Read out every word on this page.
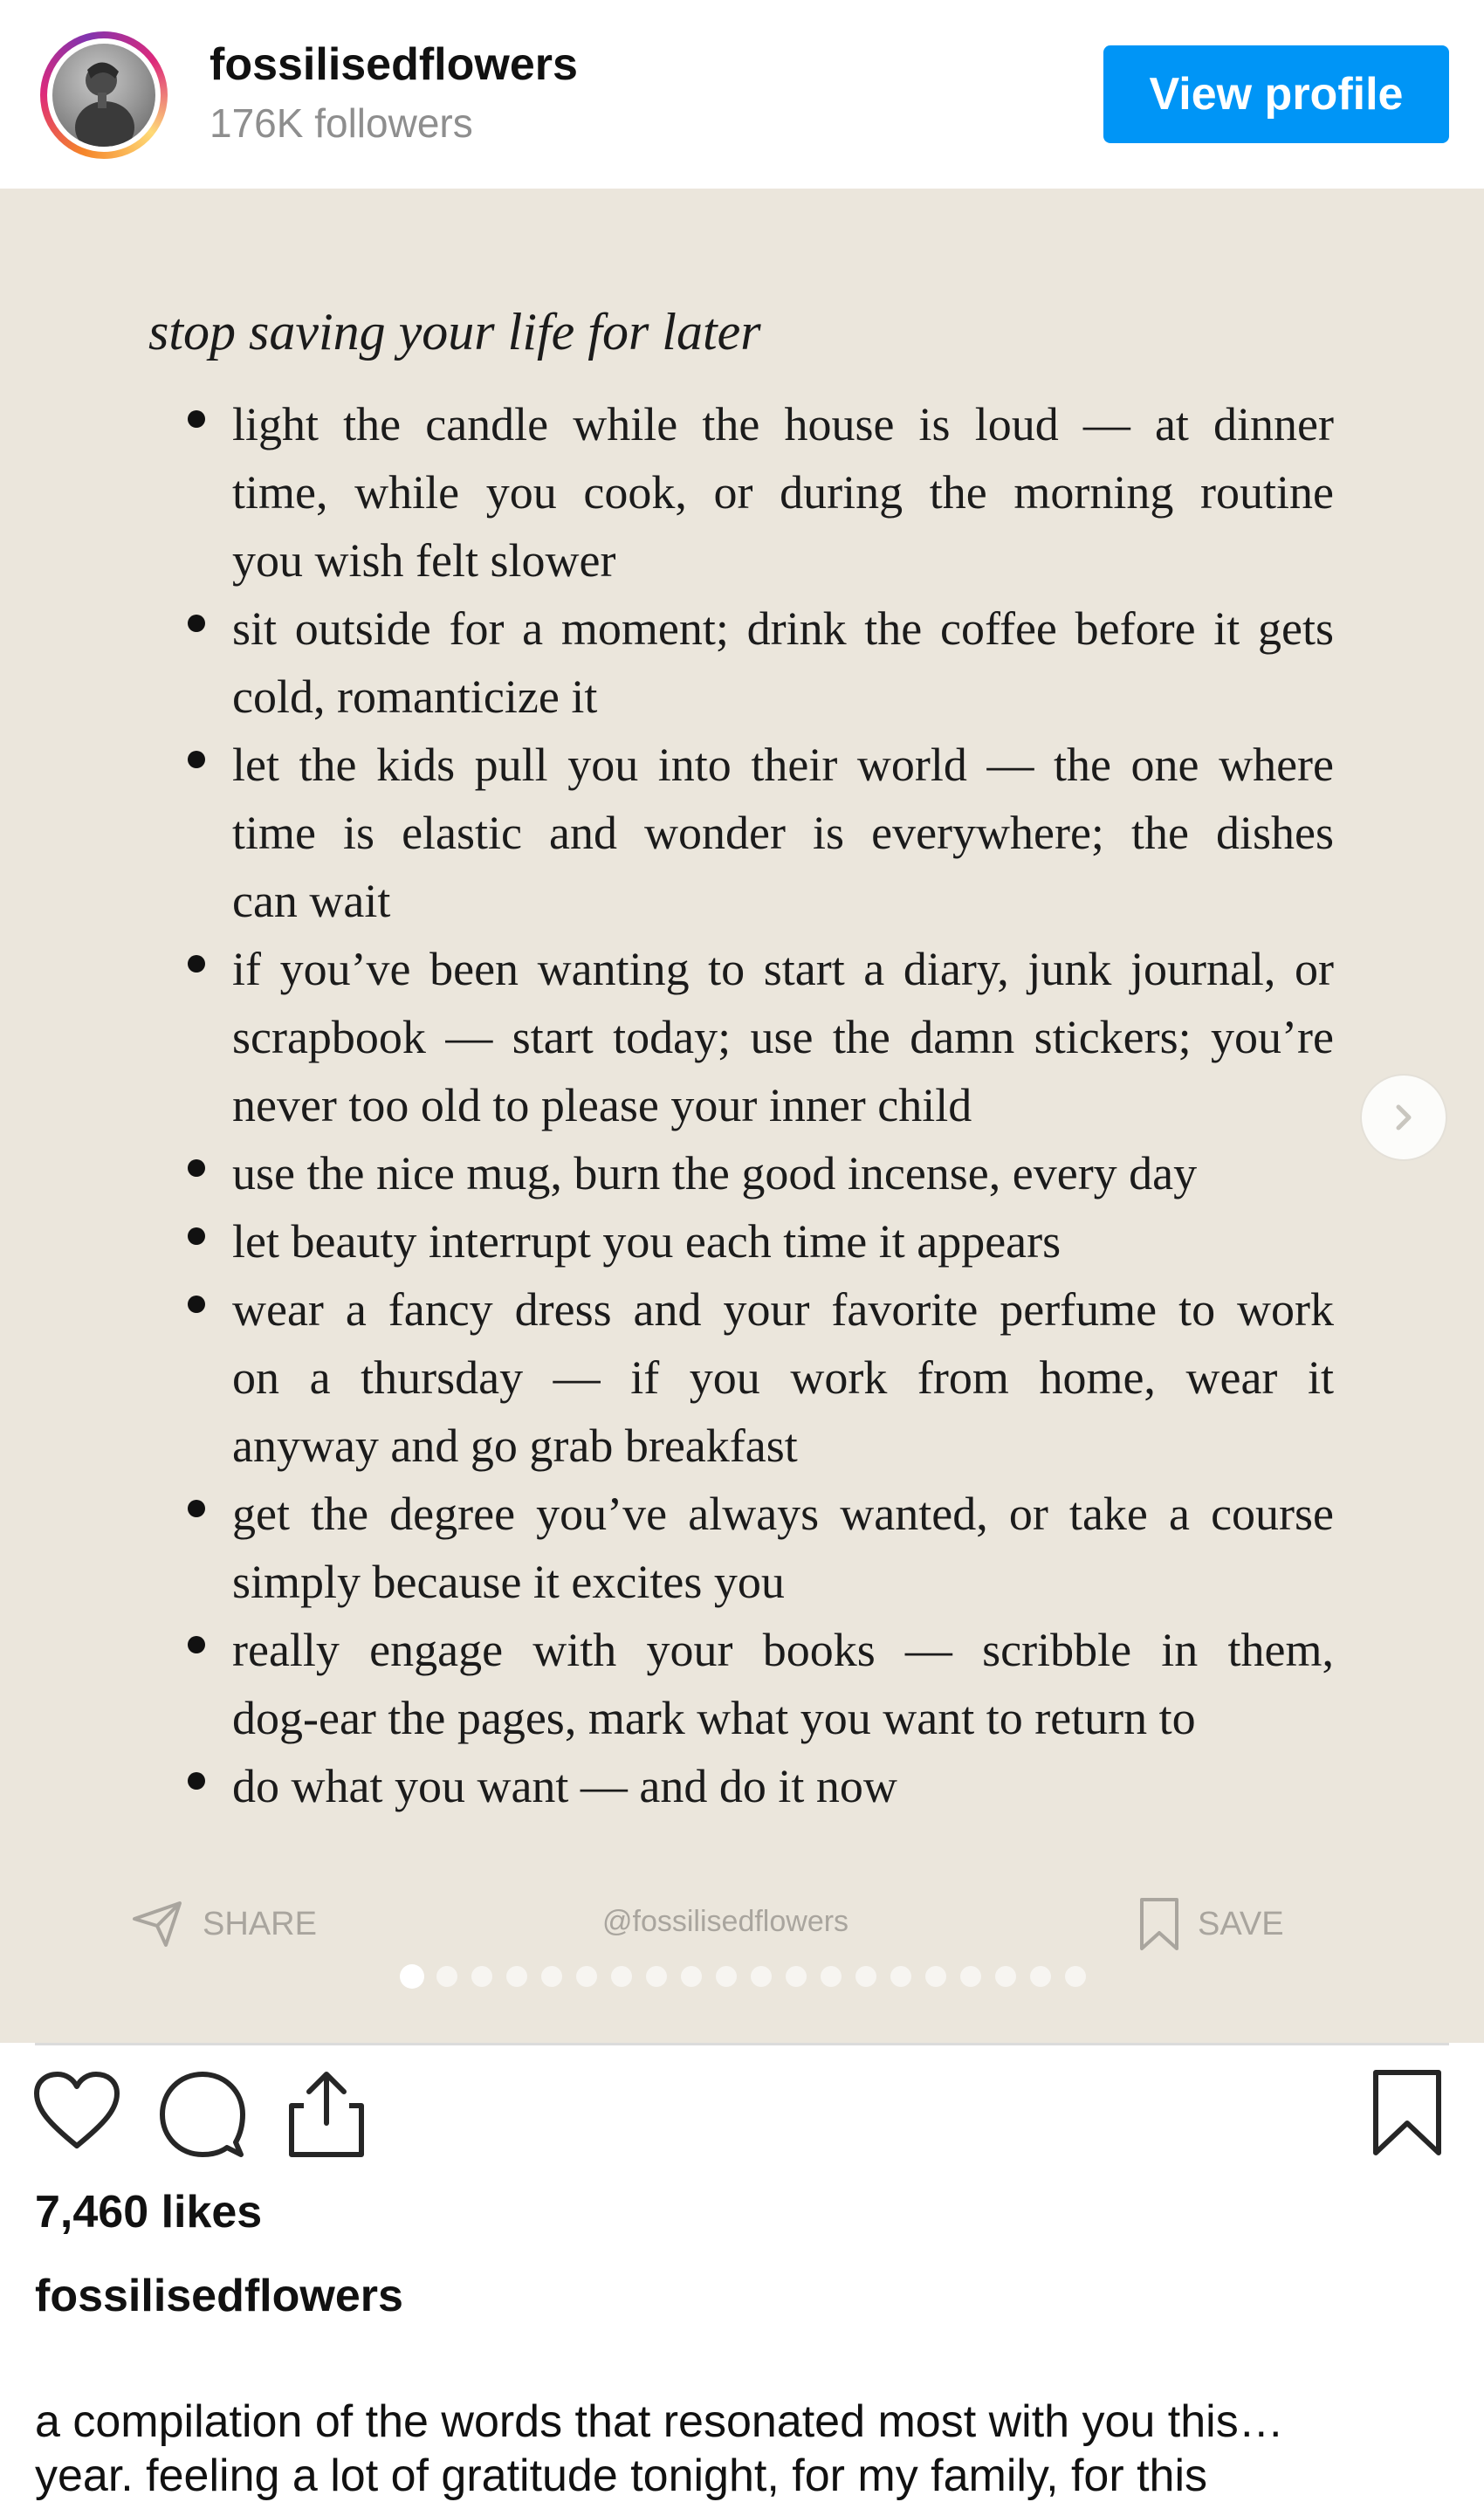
fossilisedflowers
176K followers
View profile
stop saving your life for later
light the candle while the house is loud — at dinner
time, while you cook, or during the morning routine
you wish felt slower
sit outside for a moment; drink the coffee before it gets
cold, romanticize it
let the kids pull you into their world — the one where
time is elastic and wonder is everywhere; the dishes
can wait
if you’ve been wanting to start a diary, junk journal, or
scrapbook — start today; use the damn stickers; you’re
never too old to please your inner child
use the nice mug, burn the good incense, every day
let beauty interrupt you each time it appears
wear a fancy dress and your favorite perfume to work
on a thursday — if you work from home, wear it
anyway and go grab breakfast
get the degree you’ve always wanted, or take a course
simply because it excites you
really engage with your books — scribble in them,
dog-ear the pages, mark what you want to return to
do what you want — and do it now
SHARE	@fossilisedflowers	SAVE
7,460 likes
fossilisedflowers
a compilation of the words that resonated most with you this…
year. feeling a lot of gratitude tonight, for my family, for this
